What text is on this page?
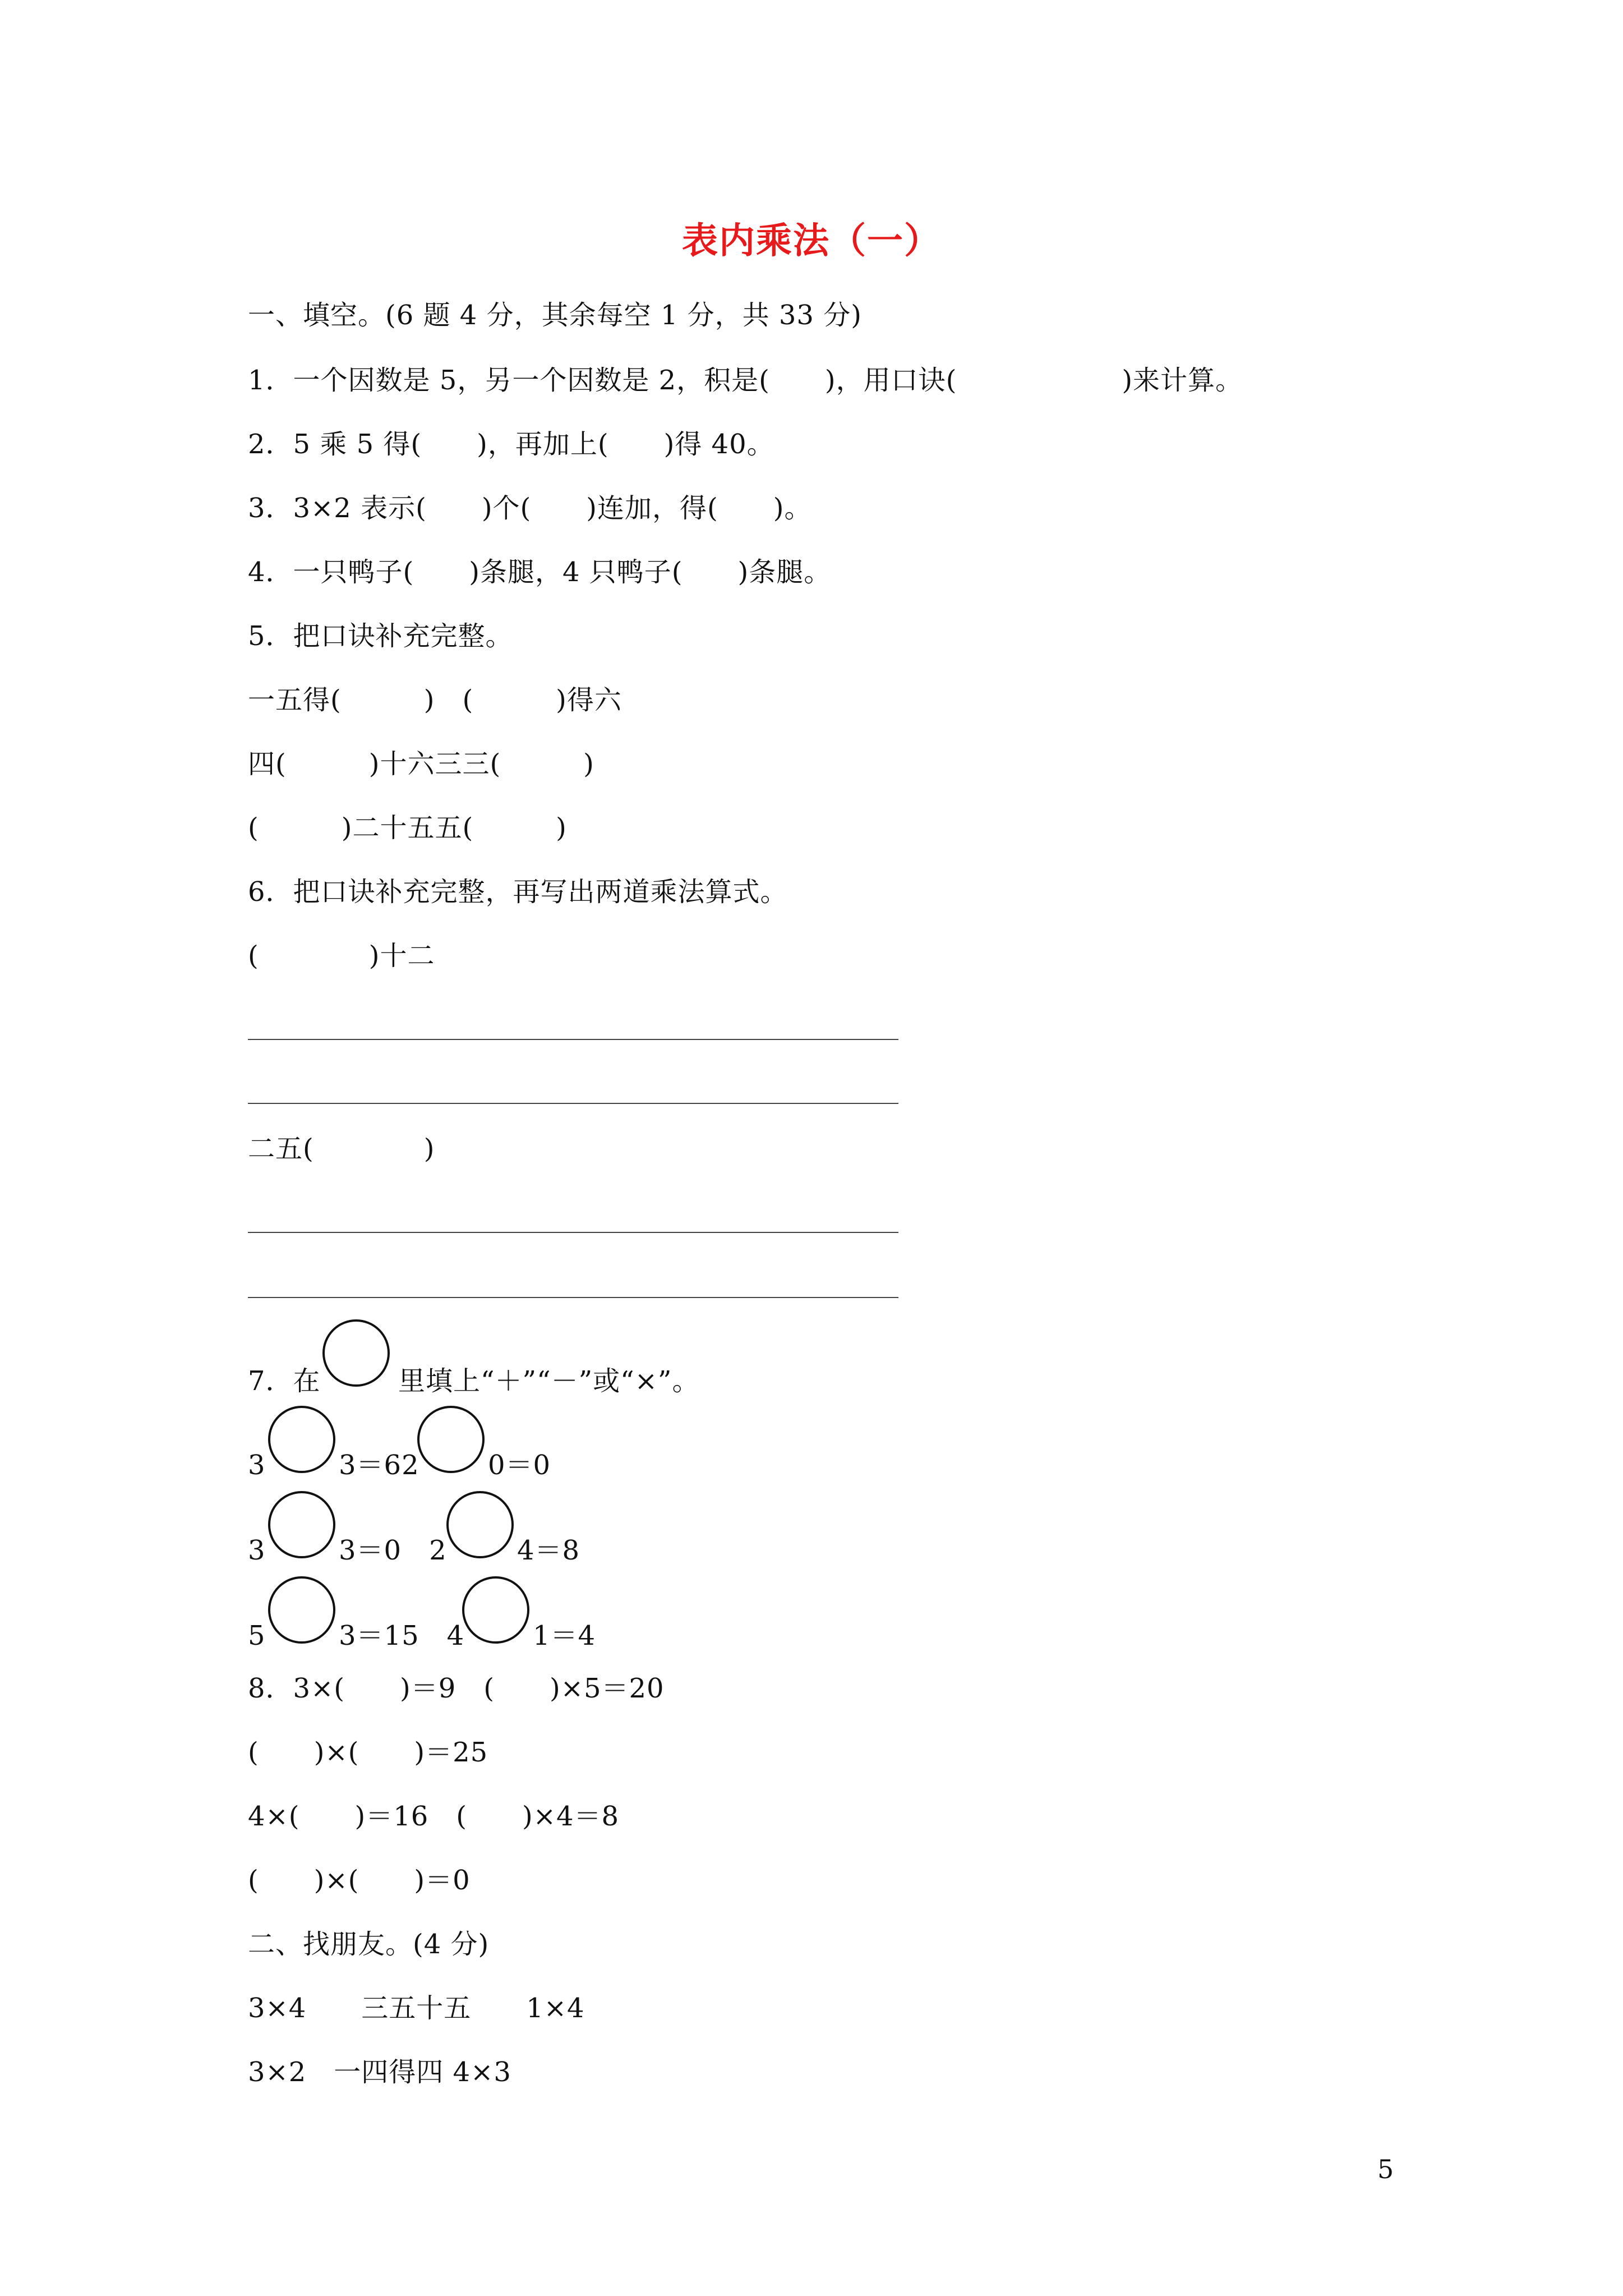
表内乘法（一）
一、填空。(6 题 4 分，其余每空 1 分，共 33 分)
1．一个因数是 5，另一个因数是 2，积是(　　)，用口诀(　　　　　　)来计算。
2．5 乘 5 得(　　)，再加上(　　)得 40。
3．3×2 表示(　　)个(　　)连加，得(　　)。
4．一只鸭子(　　)条腿，4 只鸭子(　　)条腿。
5．把口诀补充完整。
一五得(　　　)　(　　　)得六
四(　　　)十六三三(　　　)
(　　　)二十五五(　　　)
6．把口诀补充完整，再写出两道乘法算式。
(　　　　)十二
二五(　　　　)
7．在	里填上“＋”“－”或“×”。
3	3＝62	0＝0
3	3＝0　2	4＝8
5	3＝15　4	1＝4
8．3×(　　)＝9　(　　)×5＝20
(　　)×(　　)＝25
4×(　　)＝16　(　　)×4＝8
(　　)×(　　)＝0
二、找朋友。(4 分)
3×4　　三五十五　　1×4
3×2　一四得四 4×3
5
